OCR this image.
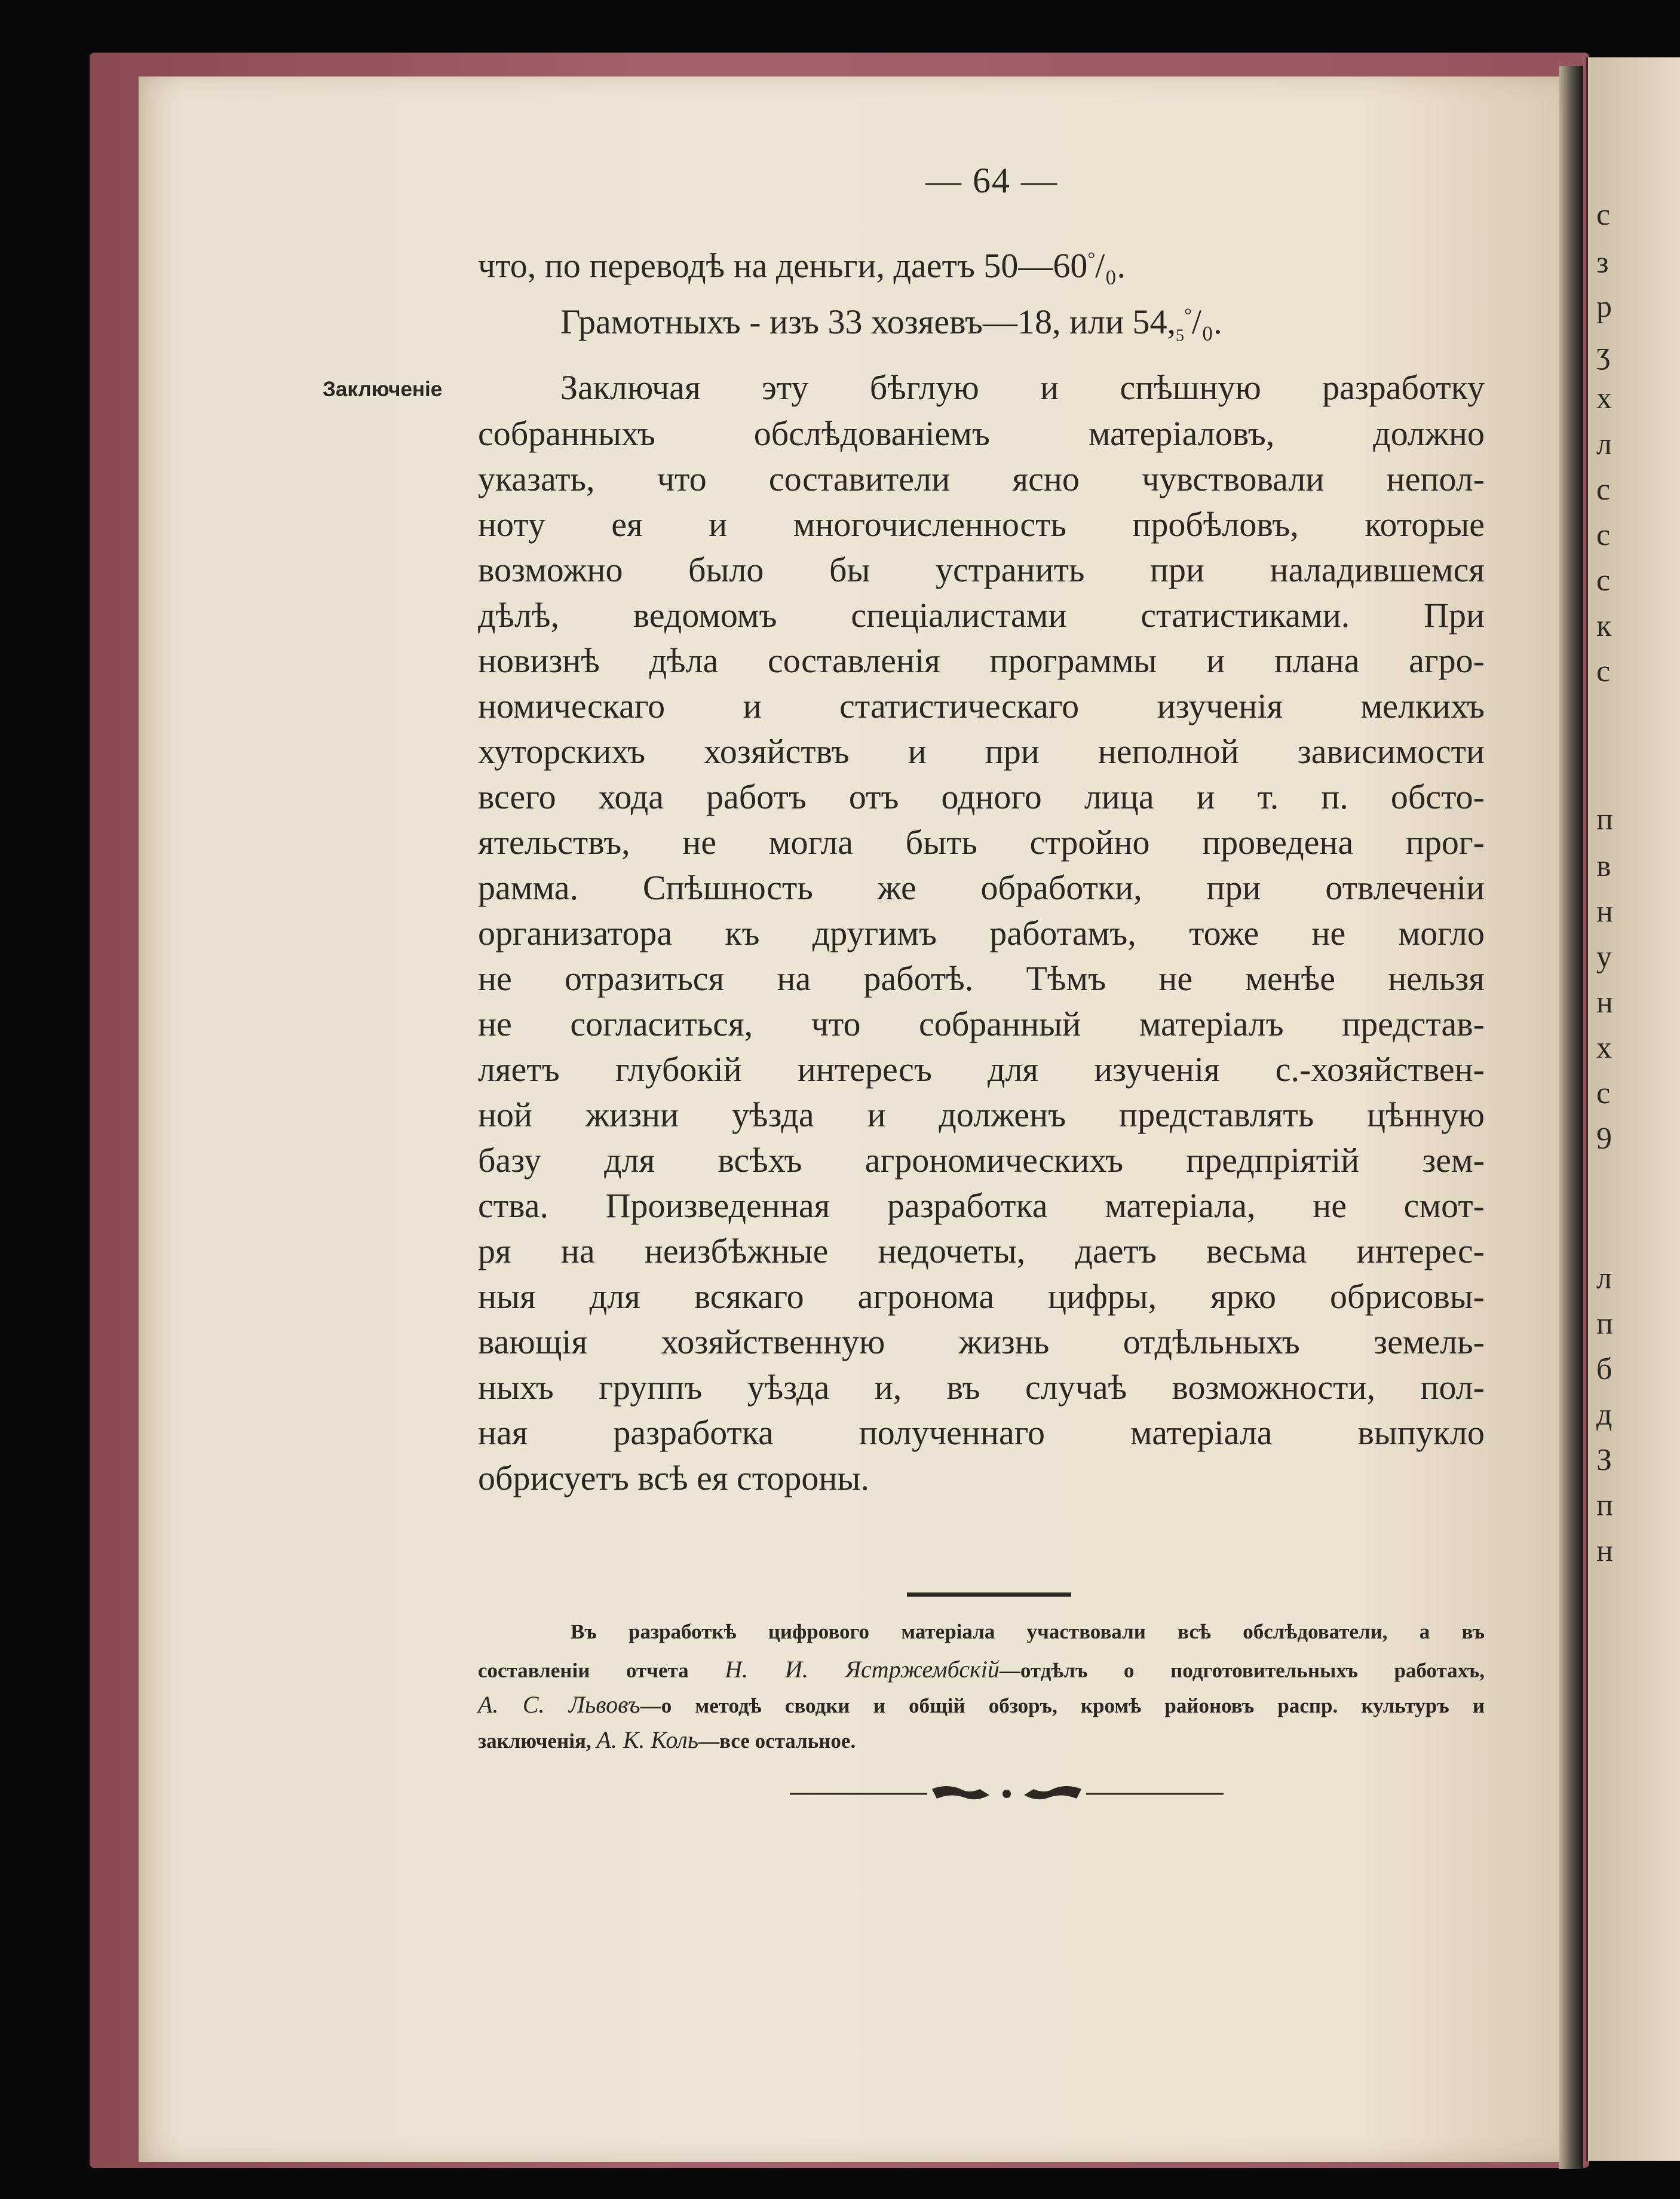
с
з
р
ʒ
х
л
с
с
с
к
с
п
в
н
у
н
х
с
9
л
п
б
д
З
п
н
— 64 —
что, по переводѣ на деньги, даетъ 50—60°/₀.
Грамотныхъ - изъ 33 хозяевъ—18, или $54,_5^\circ/_0$.
Заключеніе	Заключая эту бѣглую и спѣшную разработку
собранныхъ обслѣдованіемъ матеріаловъ, должно
указать, что составители ясно чувствовали непол-
ноту ея и многочисленность пробѣловъ, которые
возможно было бы устранить при наладившемся
дѣлѣ, ведомомъ спеціалистами статистиками. При
новизнѣ дѣла составленія программы и плана агро-
номическаго и статистическаго изученія мелкихъ
хуторскихъ хозяйствъ и при неполной зависимости
всего хода работъ отъ одного лица и т. п. обсто-
ятельствъ, не могла быть стройно проведена прог-
рамма. Спѣшность же обработки, при отвлеченіи
организатора къ другимъ работамъ, тоже не могло
не отразиться на работѣ. Тѣмъ не менѣе нельзя
не согласиться, что собранный матеріалъ представ-
ляетъ глубокій интересъ для изученія с.-хозяйствен-
ной жизни уѣзда и долженъ представлять цѣнную
базу для всѣхъ агрономическихъ предпріятій зем-
ства. Произведенная разработка матеріала, не смот-
ря на неизбѣжные недочеты, даетъ весьма интерес-
ныя для всякаго агронома цифры, ярко обрисовы-
вающія хозяйственную жизнь отдѣльныхъ земель-
ныхъ группъ уѣзда и, въ случаѣ возможности, пол-
ная разработка полученнаго матеріала выпукло
обрисуетъ всѣ ея стороны.
Въ разработкѣ цифрового матеріала участвовали всѣ обслѣдователи, а въ
составленіи отчета Н. И. Ястржембскій—отдѣлъ о подготовительныхъ работахъ,
А. С. Львовъ—о методѣ сводки и общій обзоръ, кромѣ районовъ распр. культуръ и
заключенія, А. К. Коль—все остальное.
